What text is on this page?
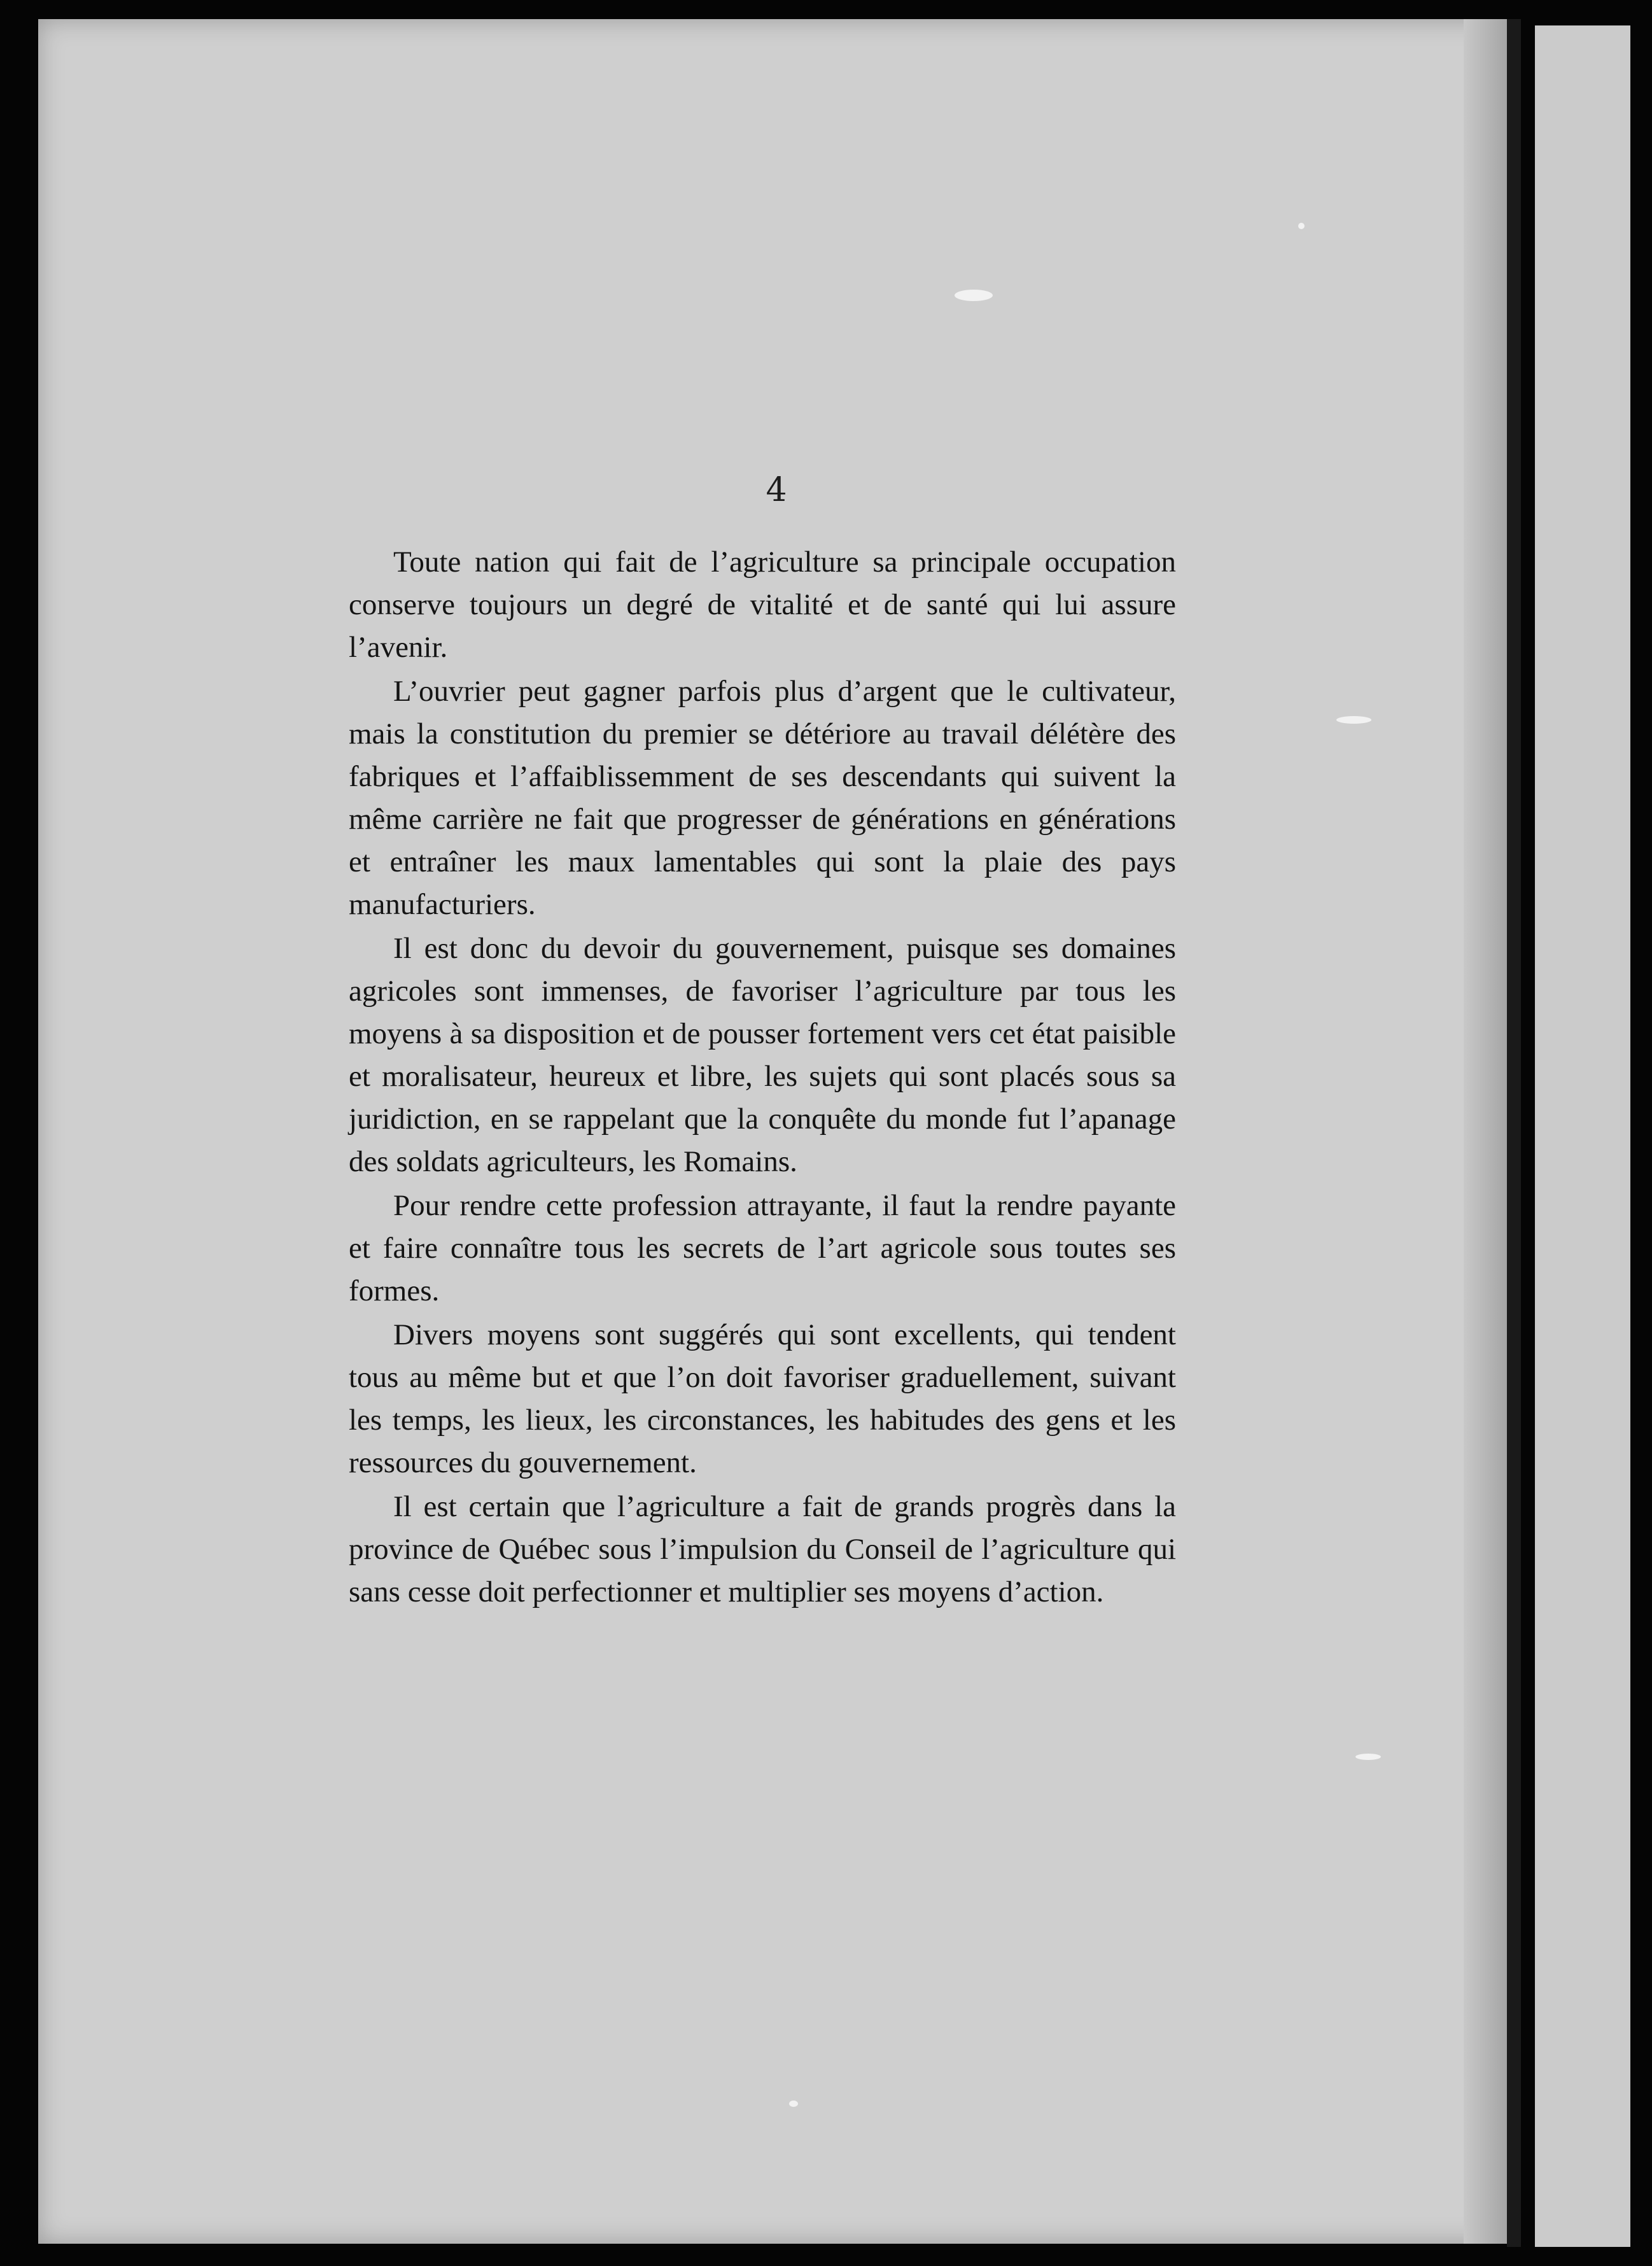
4

Toute nation qui fait de l’agriculture sa principale occupation conserve toujours un degré de vitalité et de santé qui lui assure l’avenir.

L’ouvrier peut gagner parfois plus d’argent que le cultivateur, mais la constitution du premier se détériore au travail délétère des fabriques et l’affaiblissemment de ses descendants qui suivent la même carrière ne fait que progresser de générations en générations et entraîner les maux lamentables qui sont la plaie des pays manufacturiers.

Il est donc du devoir du gouvernement, puisque ses domaines agricoles sont immenses, de favoriser l’agriculture par tous les moyens à sa disposition et de pousser fortement vers cet état paisible et moralisateur, heureux et libre, les sujets qui sont placés sous sa juridiction, en se rappelant que la conquête du monde fut l’apanage des soldats agriculteurs, les Romains.

Pour rendre cette profession attrayante, il faut la rendre payante et faire connaître tous les secrets de l’art agricole sous toutes ses formes.

Divers moyens sont suggérés qui sont excellents, qui tendent tous au même but et que l’on doit favoriser graduellement, suivant les temps, les lieux, les circonstances, les habitudes des gens et les ressources du gouvernement.

Il est certain que l’agriculture a fait de grands progrès dans la province de Québec sous l’impulsion du Conseil de l’agriculture qui sans cesse doit perfectionner et multiplier ses moyens d’action.
